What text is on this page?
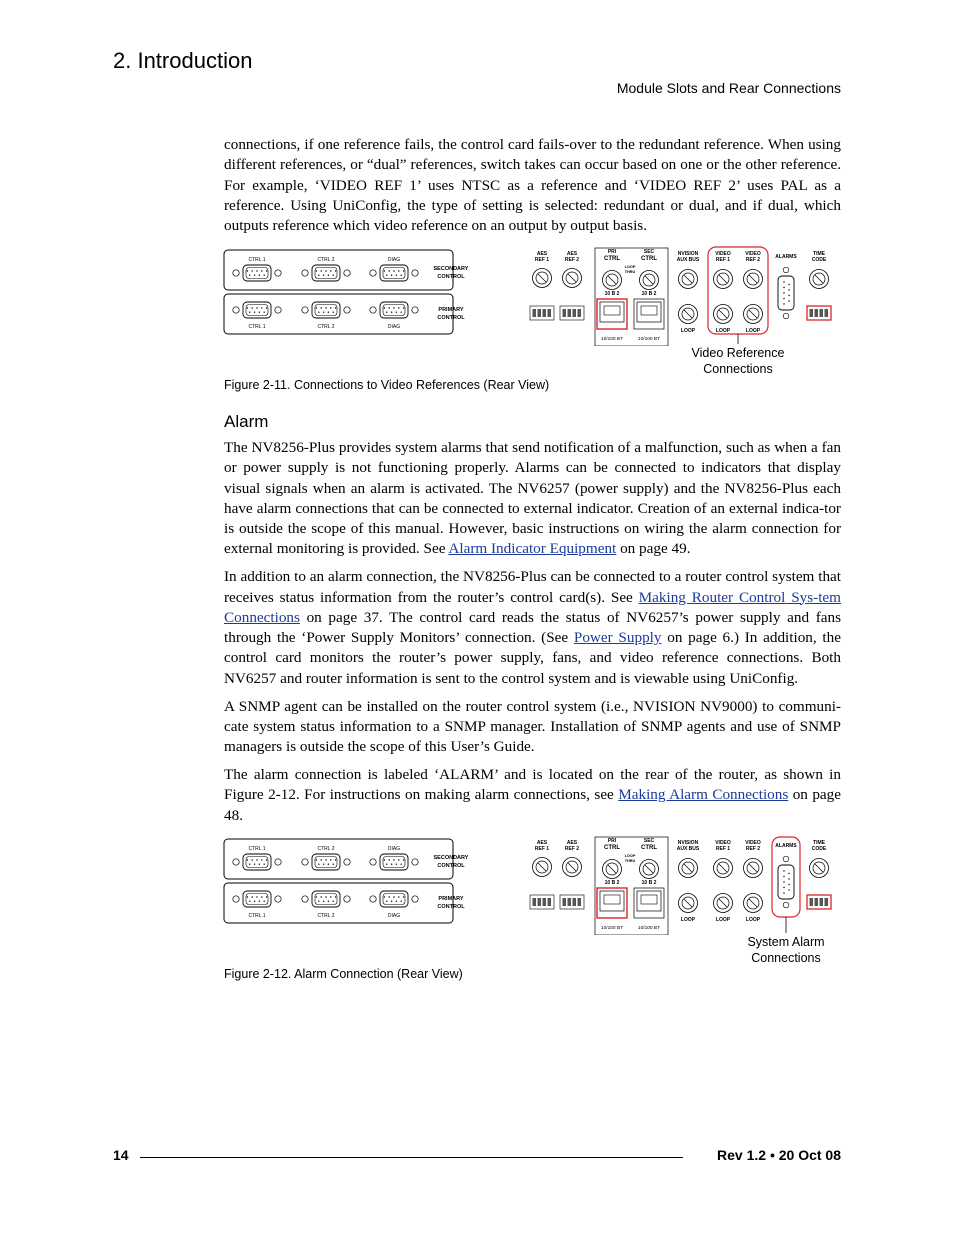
2. Introduction
Module Slots and Rear Connections

connections, if one reference fails, the control card fails-over to the redundant reference. When using different references, or “dual” references, switch takes can occur based on one or the other reference. For example, ‘VIDEO REF 1’ uses NTSC as a reference and ‘VIDEO REF 2’ uses PAL as a reference. Using UniConfig, the type of setting is selected: redundant or dual, and if dual, which outputs reference which video reference on an output by output basis.

CTRL 1	CTRL 2	DIAG
CTRL 1	CTRL 2	DIAG
SECONDARY
CONTROL
PRIMARY
CONTROL
AES
REF 1
AES
REF 2
PRI
CTRL
SEC
CTRL
LOOP
THRU
10 B 2	10 B 2
10/100 BT	10/100 BT
NVISION
AUX BUS
VIDEO
REF 1
VIDEO
REF 2	ALARMS	TIME
CODE
LOOP	LOOP	LOOP
Video Reference
Connections
Figure 2-11. Connections to Video References (Rear View)
Alarm

The NV8256-Plus provides system alarms that send notification of a malfunction, such as when a fan or power supply is not functioning properly. Alarms can be connected to indicators that display visual signals when an alarm is activated. The NV6257 (power supply) and the NV8256-Plus each have alarm connections that can be connected to external indicator. Creation of an external indica-tor is outside the scope of this manual. However, basic instructions on wiring the alarm connection for external monitoring is provided. See Alarm Indicator Equipment on page 49.

In addition to an alarm connection, the NV8256-Plus can be connected to a router control system that receives status information from the router’s control card(s). See Making Router Control Sys-tem Connections on page 37. The control card reads the status of NV6257’s power supply and fans through the ‘Power Supply Monitors’ connection. (See Power Supply on page 6.) In addition, the control card monitors the router’s power supply, fans, and video reference connections. Both NV6257 and router information is sent to the control system and is viewable using UniConfig.

A SNMP agent can be installed on the router control system (i.e., NVISION NV9000) to communi-cate system status information to a SNMP manager. Installation of SNMP agents and use of SNMP managers is outside the scope of this User’s Guide.

The alarm connection is labeled ‘ALARM’ and is located on the rear of the router, as shown in Figure 2-12. For instructions on making alarm connections, see Making Alarm Connections on page 48.

CTRL 1	CTRL 2	DIAG
CTRL 1	CTRL 2	DIAG
SECONDARY
CONTROL
PRIMARY
CONTROL
AES
REF 1
AES
REF 2
PRI
CTRL
SEC
CTRL
LOOP
THRU
10 B 2	10 B 2
10/100 BT	10/100 BT
NVISION
AUX BUS
VIDEO
REF 1
VIDEO
REF 2	ALARMS	TIME
CODE
LOOP	LOOP	LOOP
System Alarm
Connections
Figure 2-12. Alarm Connection (Rear View)
14	Rev 1.2 • 20 Oct 08
